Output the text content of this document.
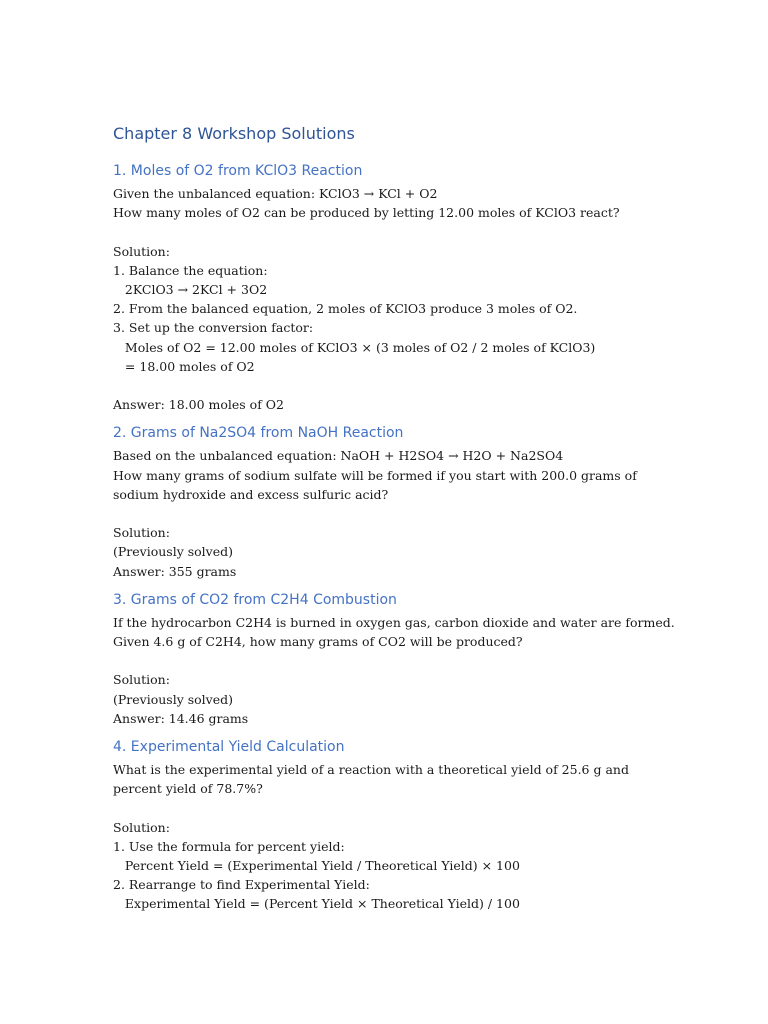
Chapter 8 Workshop Solutions
1. Moles of O2 from KClO3 Reaction
Given the unbalanced equation: KClO3 → KCl + O2
How many moles of O2 can be produced by letting 12.00 moles of KClO3 react?
Solution:
1. Balance the equation:
2KClO3 → 2KCl + 3O2
2. From the balanced equation, 2 moles of KClO3 produce 3 moles of O2.
3. Set up the conversion factor:
Moles of O2 = 12.00 moles of KClO3 × (3 moles of O2 / 2 moles of KClO3)
= 18.00 moles of O2
Answer: 18.00 moles of O2
2. Grams of Na2SO4 from NaOH Reaction
Based on the unbalanced equation: NaOH + H2SO4 → H2O + Na2SO4
How many grams of sodium sulfate will be formed if you start with 200.0 grams of sodium hydroxide and excess sulfuric acid?
Solution:
(Previously solved)
Answer: 355 grams
3. Grams of CO2 from C2H4 Combustion
If the hydrocarbon C2H4 is burned in oxygen gas, carbon dioxide and water are formed.
Given 4.6 g of C2H4, how many grams of CO2 will be produced?
Solution:
(Previously solved)
Answer: 14.46 grams
4. Experimental Yield Calculation
What is the experimental yield of a reaction with a theoretical yield of 25.6 g and percent yield of 78.7%?
Solution:
1. Use the formula for percent yield:
Percent Yield = (Experimental Yield / Theoretical Yield) × 100
2. Rearrange to find Experimental Yield:
Experimental Yield = (Percent Yield × Theoretical Yield) / 100
